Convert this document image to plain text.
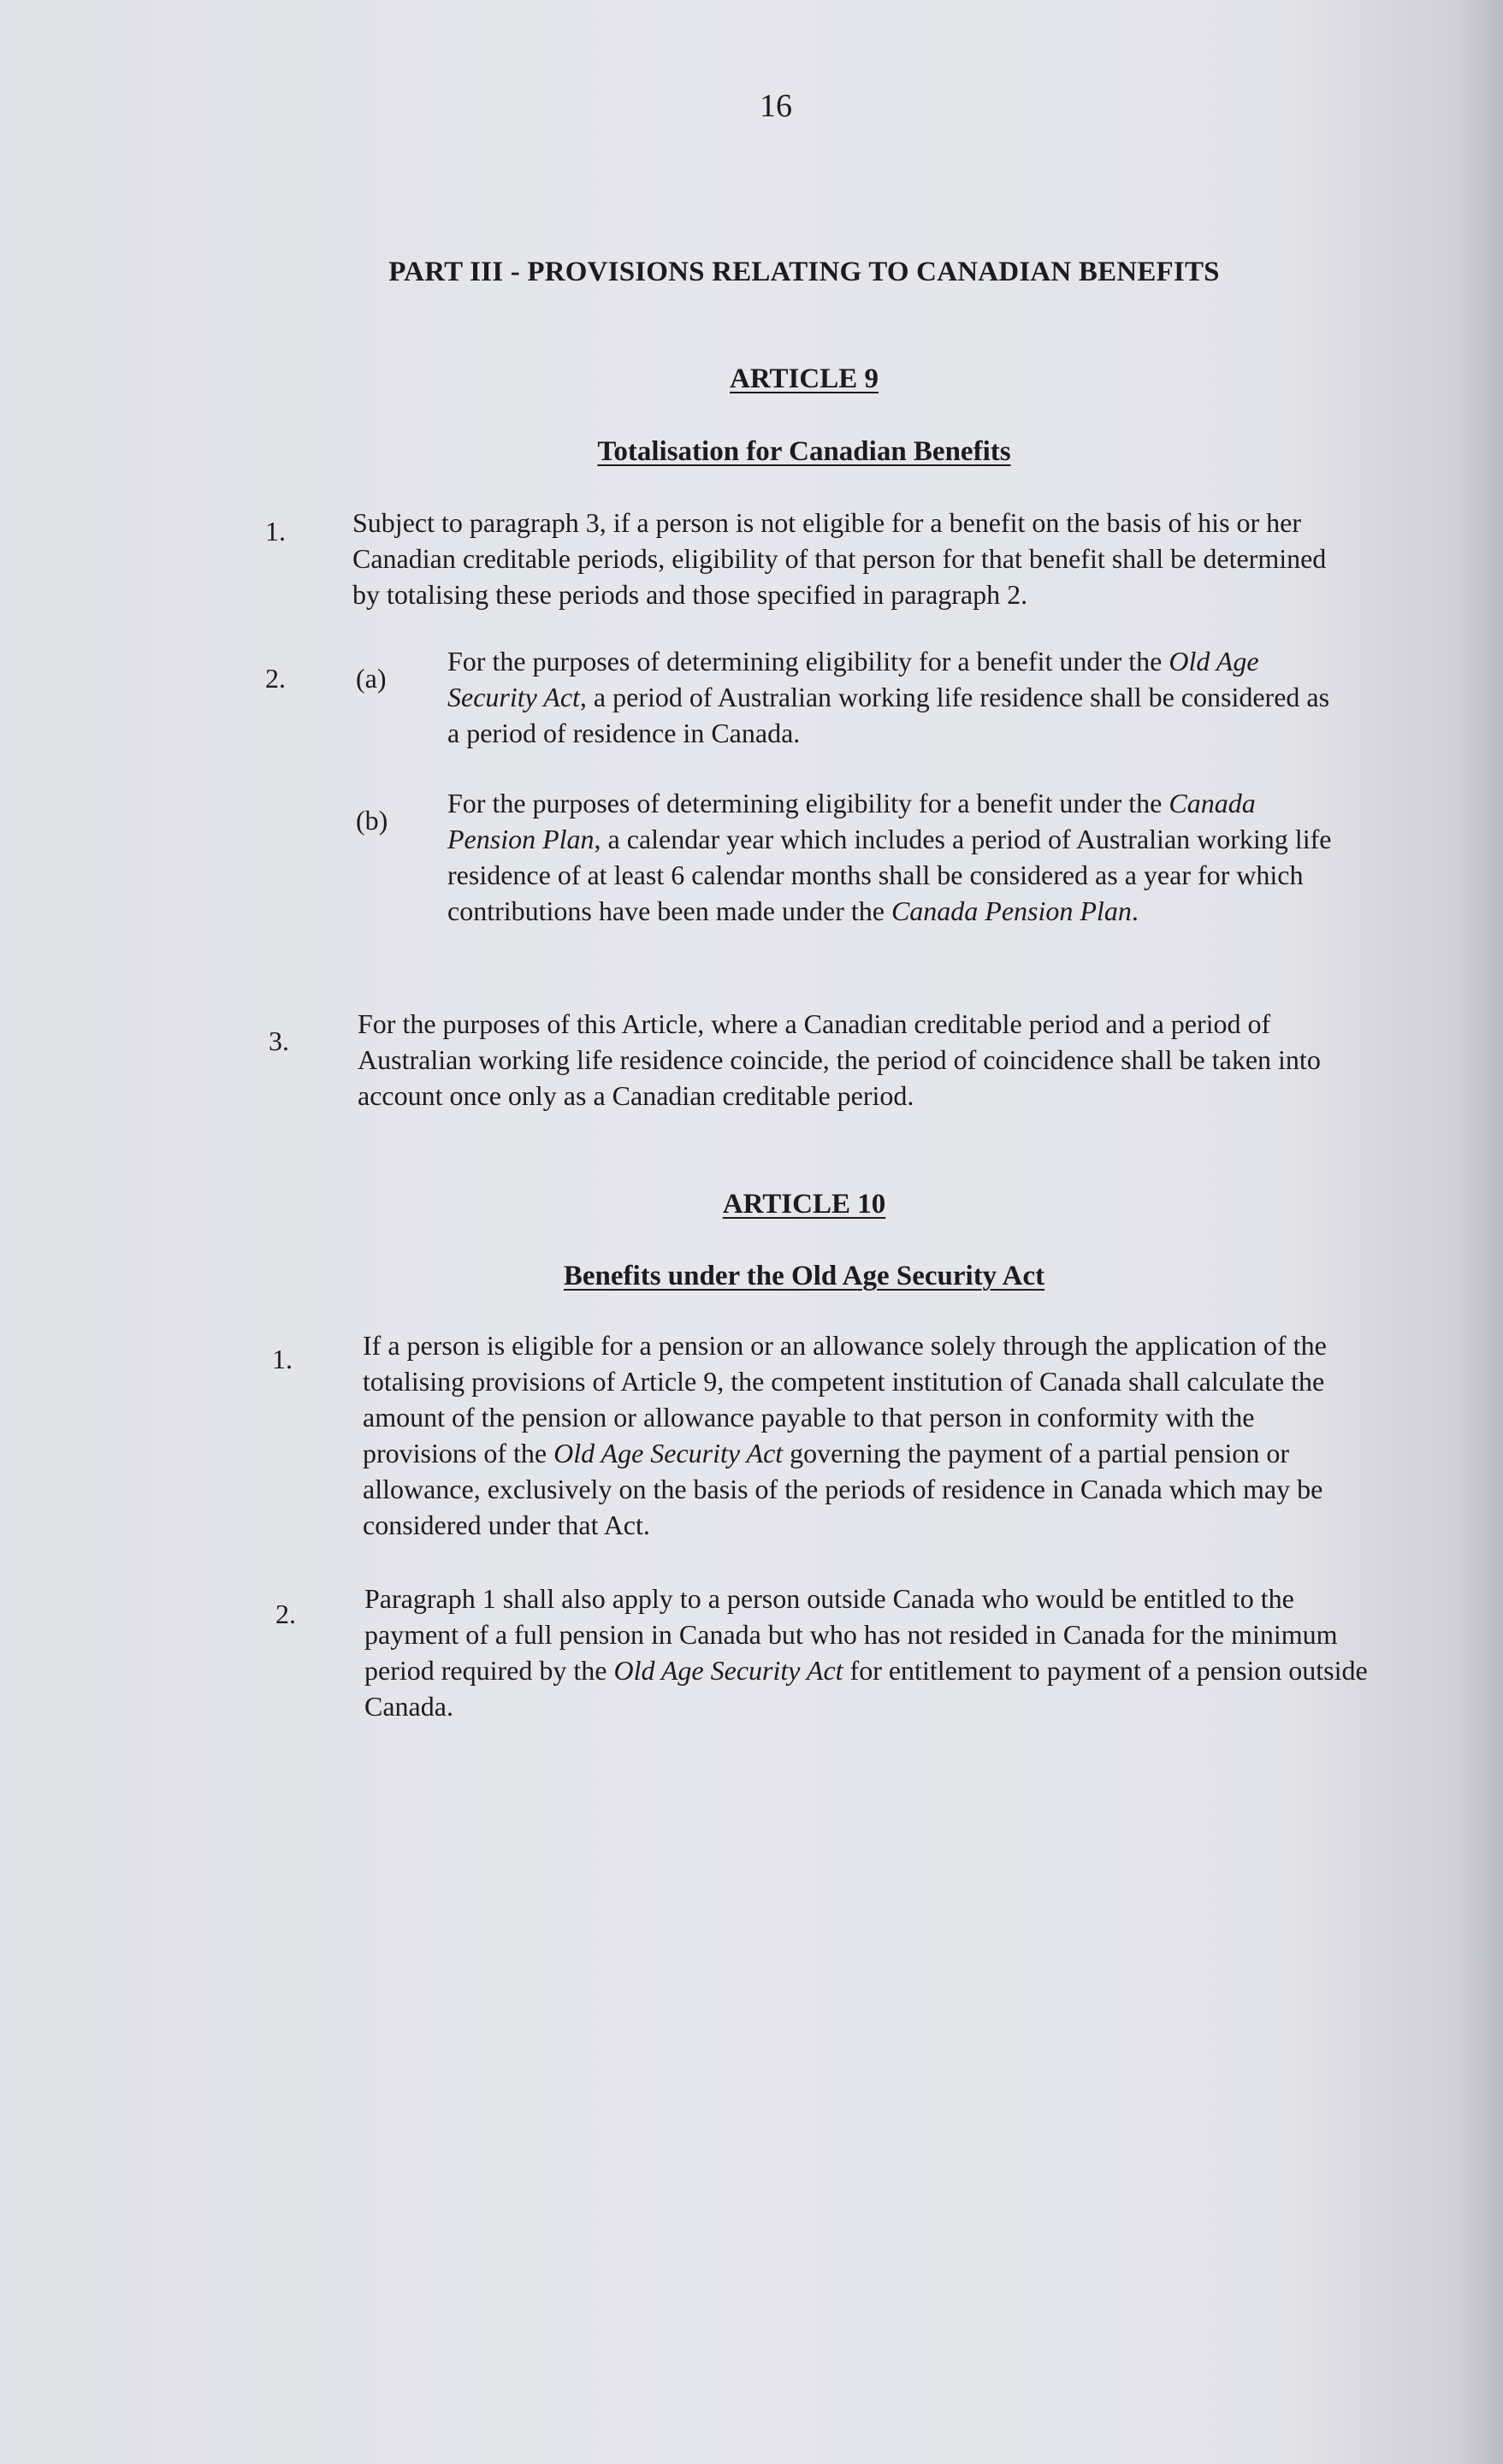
16
PART III - PROVISIONS RELATING TO CANADIAN BENEFITS
ARTICLE 9
Totalisation for Canadian Benefits
1. Subject to paragraph 3, if a person is not eligible for a benefit on the basis of his or her Canadian creditable periods, eligibility of that person for that benefit shall be determined by totalising these periods and those specified in paragraph 2.
2.	(a)
For the purposes of determining eligibility for a benefit under the Old Age Security Act, a period of Australian working life residence shall be considered as a period of residence in Canada.
(b)
For the purposes of determining eligibility for a benefit under the Canada Pension Plan, a calendar year which includes a period of Australian working life residence of at least 6 calendar months shall be considered as a year for which contributions have been made under the Canada Pension Plan.
3.
For the purposes of this Article, where a Canadian creditable period and a period of Australian working life residence coincide, the period of coincidence shall be taken into account once only as a Canadian creditable period.
ARTICLE 10
Benefits under the Old Age Security Act
1.	If a person is eligible for a pension or an allowance solely through the application of the totalising provisions of Article 9, the competent institution of Canada shall calculate the amount of the pension or allowance payable to that person in conformity with the provisions of the Old Age Security Act governing the payment of a partial pension or allowance, exclusively on the basis of the periods of residence in Canada which may be considered under that Act.
2.	Paragraph 1 shall also apply to a person outside Canada who would be entitled to the payment of a full pension in Canada but who has not resided in Canada for the minimum period required by the Old Age Security Act for entitlement to payment of a pension outside Canada.
